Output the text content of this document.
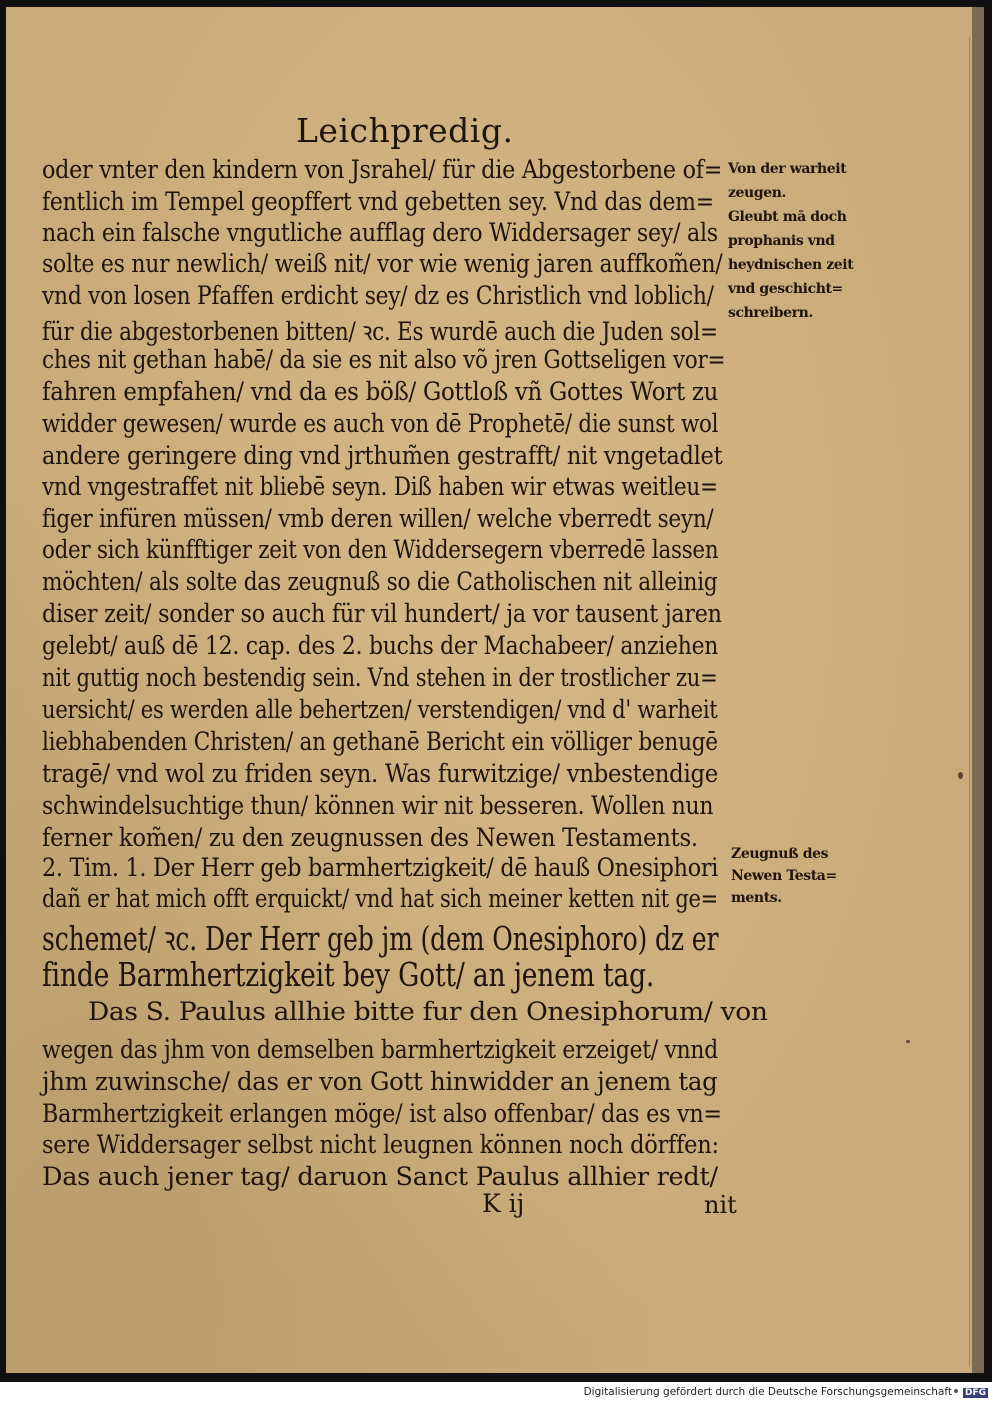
Leichpredig.
oder vnter den kindern von Jsrahel/ für die Abgestorbene of=
fentlich im Tempel geopffert vnd gebetten sey. Vnd das dem=
nach ein falsche vngutliche aufflag dero Widdersager sey/ als
solte es nur newlich/ weiß nit/ vor wie wenig jaren auffkom̃en/
vnd von losen Pfaffen erdicht sey/ dz es Christlich vnd loblich/
für die abgestorbenen bitten/ ꝛc. Es wurdē auch die Juden sol=
ches nit gethan habē/ da sie es nit also võ jren Gottseligen vor=
fahren empfahen/ vnd da es böß/ Gottloß vñ Gottes Wort zu
widder gewesen/ wurde es auch von dē Prophetē/ die sunst wol
andere geringere ding vnd jrthum̃en gestrafft/ nit vngetadlet
vnd vngestraffet nit bliebē seyn. Diß haben wir etwas weitleu=
figer infüren müssen/ vmb deren willen/ welche vberredt seyn/
oder sich künfftiger zeit von den Widdersegern vberredē lassen
möchten/ als solte das zeugnuß so die Catholischen nit alleinig
diser zeit/ sonder so auch für vil hundert/ ja vor tausent jaren
gelebt/ auß dē 12. cap. des 2. buchs der Machabeer/ anziehen
nit guttig noch bestendig sein. Vnd stehen in der trostlicher zu=
uersicht/ es werden alle behertzen/ verstendigen/ vnd d' warheit
liebhabenden Christen/ an gethanē Bericht ein völliger benugē
tragē/ vnd wol zu friden seyn. Was furwitzige/ vnbestendige
schwindelsuchtige thun/ können wir nit besseren. Wollen nun
ferner kom̃en/ zu den zeugnussen des Newen Testaments.
2. Tim. 1. Der Herr geb barmhertzigkeit/ dē hauß Onesiphori
dañ er hat mich offt erquickt/ vnd hat sich meiner ketten nit ge=
schemet/ ꝛc. Der Herr geb jm (dem Onesiphoro) dz er
finde Barmhertzigkeit bey Gott/ an jenem tag.
Das S. Paulus allhie bitte fur den Onesiphorum/ von
wegen das jhm von demselben barmhertzigkeit erzeiget/ vnnd
jhm zuwinsche/ das er von Gott hinwidder an jenem tag
Barmhertzigkeit erlangen möge/ ist also offenbar/ das es vn=
sere Widdersager selbst nicht leugnen können noch dörffen:
Das auch jener tag/ daruon Sanct Paulus allhier redt/
Von der warheit
zeugen.
Gleubt mā doch
prophanis vnd
heydnischen zeit
vnd geschicht=
schreibern.
Zeugnuß des
Newen Testa=
ments.
K ij	nit
Digitalisierung gefördert durch die Deutsche Forschungsgemeinschaft DFG
